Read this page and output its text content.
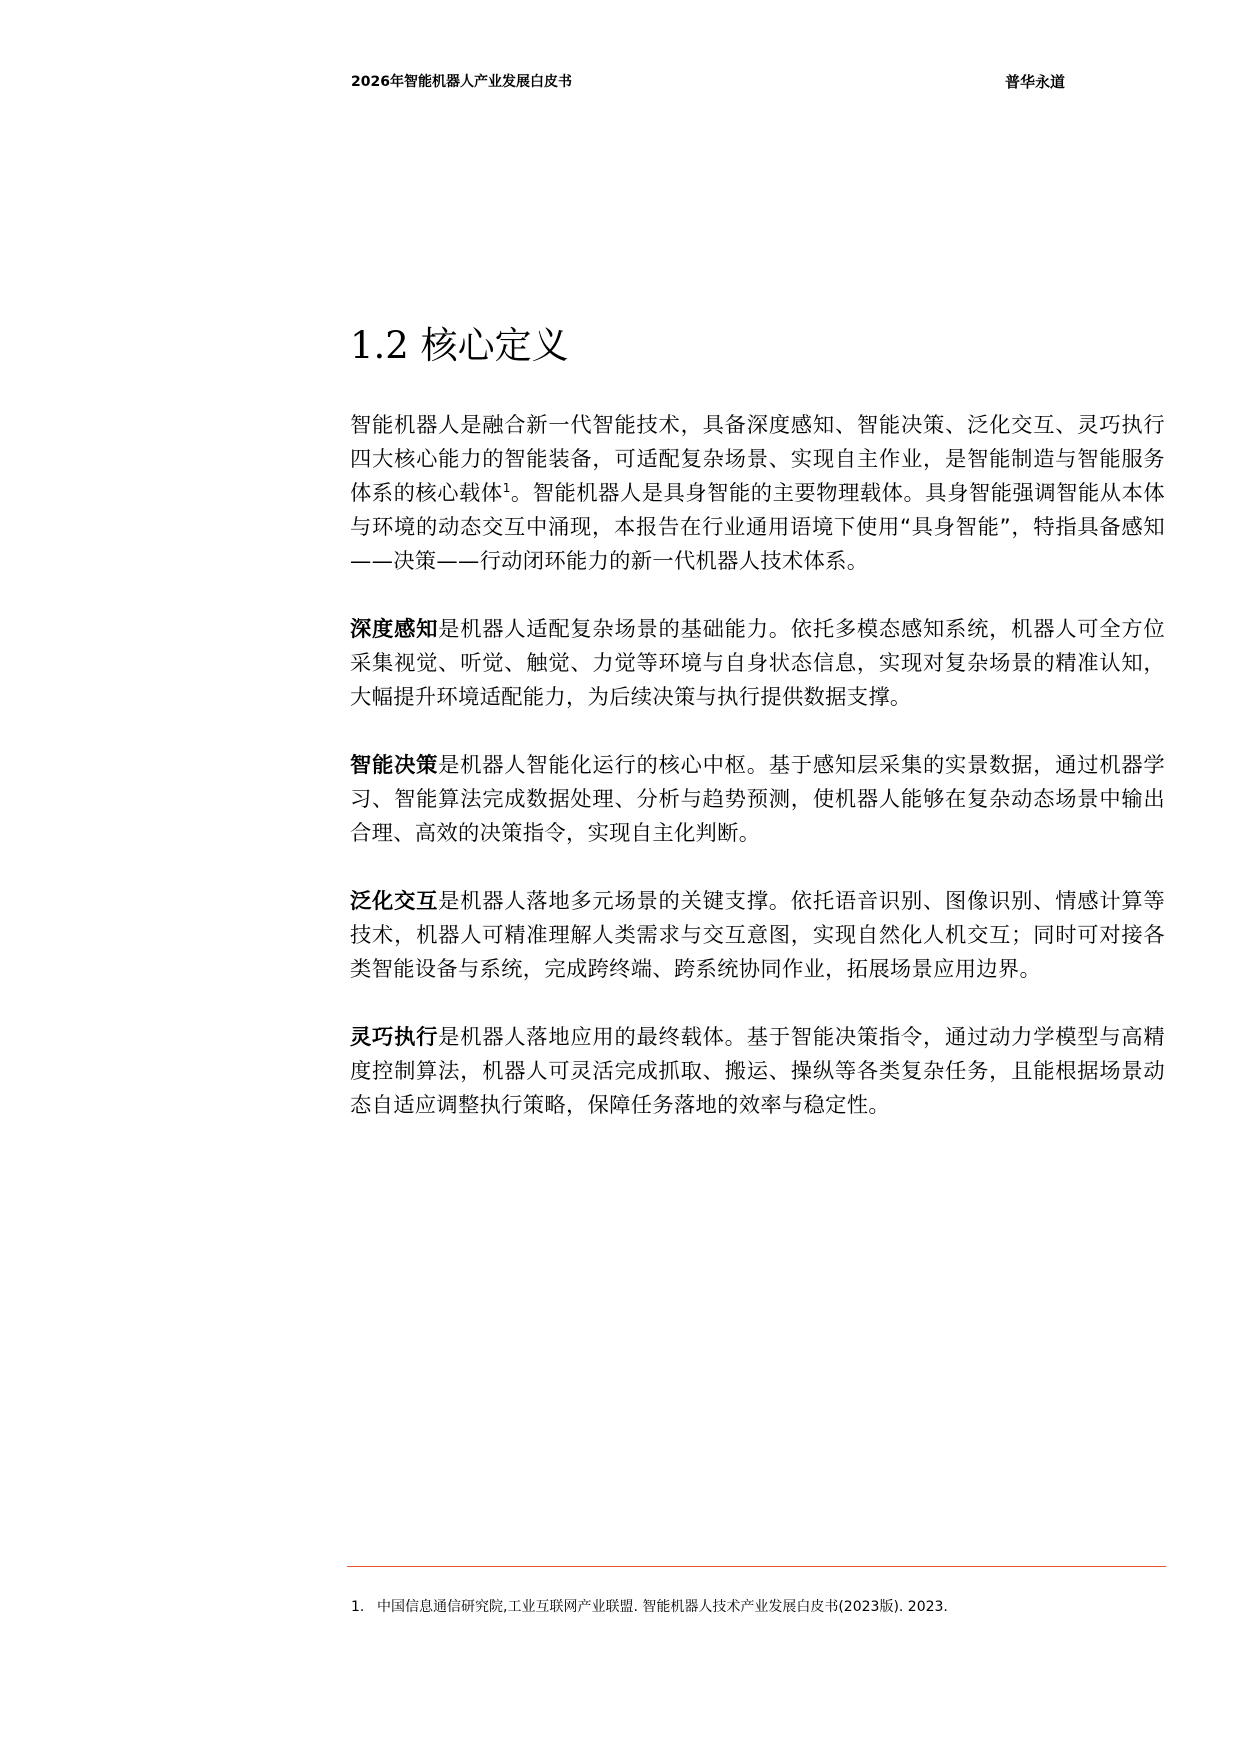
2026年智能机器人产业发展白皮书	普华永道
1.2 核心定义

智能机器人是融合新一代智能技术，具备深度感知、智能决策、泛化交互、灵巧执行四大核心能力的智能装备，可适配复杂场景、实现自主作业，是智能制造与智能服务体系的核心载体$^1$。智能机器人是具身智能的主要物理载体。具身智能强调智能从本体与环境的动态交互中涌现，本报告在行业通用语境下使用“具身智能”，特指具备感知——决策——行动闭环能力的新一代机器人技术体系。

深度感知是机器人适配复杂场景的基础能力。依托多模态感知系统，机器人可全方位采集视觉、听觉、触觉、力觉等环境与自身状态信息，实现对复杂场景的精准认知，大幅提升环境适配能力，为后续决策与执行提供数据支撑。

智能决策是机器人智能化运行的核心中枢。基于感知层采集的实景数据，通过机器学习、智能算法完成数据处理、分析与趋势预测，使机器人能够在复杂动态场景中输出合理、高效的决策指令，实现自主化判断。

泛化交互是机器人落地多元场景的关键支撑。依托语音识别、图像识别、情感计算等技术，机器人可精准理解人类需求与交互意图，实现自然化人机交互；同时可对接各类智能设备与系统，完成跨终端、跨系统协同作业，拓展场景应用边界。

灵巧执行是机器人落地应用的最终载体。基于智能决策指令，通过动力学模型与高精度控制算法，机器人可灵活完成抓取、搬运、操纵等各类复杂任务，且能根据场景动态自适应调整执行策略，保障任务落地的效率与稳定性。

1. 中国信息通信研究院,工业互联网产业联盟. 智能机器人技术产业发展白皮书(2023版). 2023.
